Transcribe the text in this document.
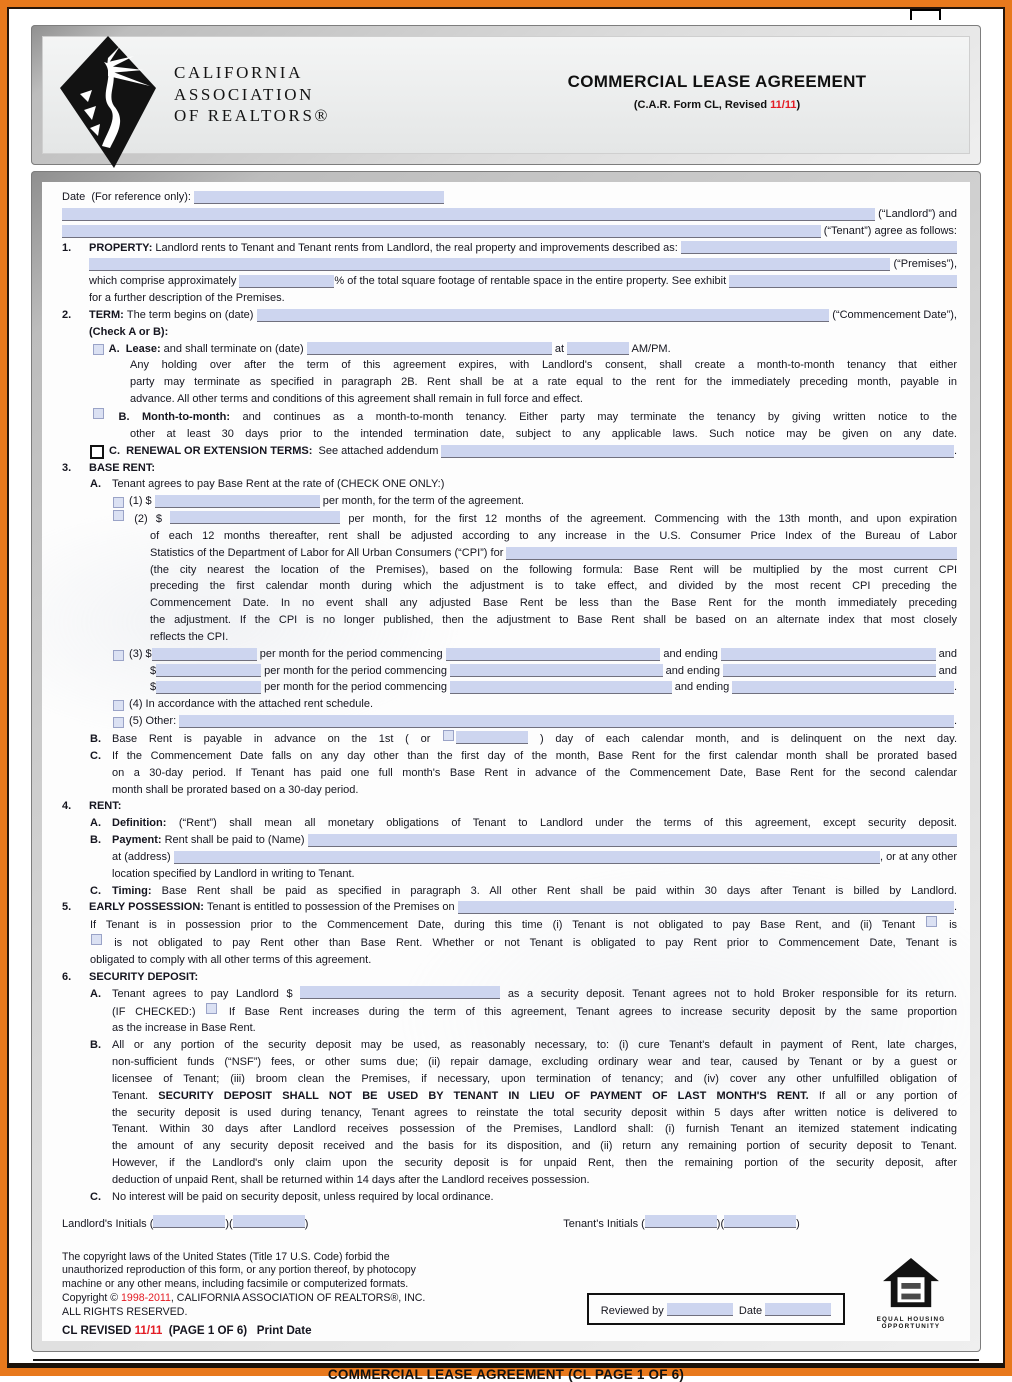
CALIFORNIA
ASSOCIATION
OF REALTORS®
COMMERCIAL LEASE AGREEMENT
(C.A.R. Form CL, Revised 11/11)
Date  (For reference only):
(“Landlord”) and
(“Tenant”) agree as follows:
1.	PROPERTY: Landlord rents to Tenant and Tenant rents from Landlord, the real property and improvements described as:
(“Premises”),
which comprise approximately	% of the total square footage of rentable space in the entire property. See exhibit
for a further description of the Premises.
2.	TERM: The term begins on (date)	(“Commencement Date”),
(Check A or B):
A.  Lease: and shall terminate on (date)	at	AM/PM.
Any holding over after the term of this agreement expires, with Landlord's consent, shall create a month-to-month tenancy that either
party may terminate as specified in paragraph 2B. Rent shall be at a rate equal to the rent for the immediately preceding month, payable in
advance. All other terms and conditions of this agreement shall remain in full force and effect.
B. Month-to-month: and continues as a month-to-month tenancy. Either party may terminate the tenancy by giving written notice to the
other at least 30 days prior to the intended termination date, subject to any applicable laws. Such notice may be given on any date.
C.  RENEWAL OR EXTENSION TERMS: See attached addendum	.
3.	BASE RENT:
A.	Tenant agrees to pay Base Rent at the rate of (CHECK ONE ONLY:)
(1) $	per month, for the term of the agreement.
(2) $	per month, for the first 12 months of the agreement. Commencing with the 13th month, and upon expiration
of each 12 months thereafter, rent shall be adjusted according to any increase in the U.S. Consumer Price Index of the Bureau of Labor
Statistics of the Department of Labor for All Urban Consumers (“CPI”) for
(the city nearest the location of the Premises), based on the following formula: Base Rent will be multiplied by the most current CPI
preceding the first calendar month during which the adjustment is to take effect, and divided by the most recent CPI preceding the
Commencement Date. In no event shall any adjusted Base Rent be less than the Base Rent for the month immediately preceding
the adjustment. If the CPI is no longer published, then the adjustment to Base Rent shall be based on an alternate index that most closely
reflects the CPI.
(3) $	per month for the period commencing	and ending	and
$	per month for the period commencing	and ending	and
$	per month for the period commencing	and ending	.
(4) In accordance with the attached rent schedule.
(5) Other:	.
B. Base Rent is payable in advance on the 1st ( or	) day of each calendar month, and is delinquent on the next day.
C. If the Commencement Date falls on any day other than the first day of the month, Base Rent for the first calendar month shall be prorated based
on a 30-day period. If Tenant has paid one full month's Base Rent in advance of the Commencement Date, Base Rent for the second calendar
month shall be prorated based on a 30-day period.
4.	RENT:
A. Definition: (“Rent”) shall mean all monetary obligations of Tenant to Landlord under the terms of this agreement, except security deposit.
B.	Payment: Rent shall be paid to (Name)
at (address)	, or at any other
location specified by Landlord in writing to Tenant.
C. Timing: Base Rent shall be paid as specified in paragraph 3. All other Rent shall be paid within 30 days after Tenant is billed by Landlord.
5.	EARLY POSSESSION: Tenant is entitled to possession of the Premises on	.
If Tenant is in possession prior to the Commencement Date, during this time (i) Tenant is not obligated to pay Base Rent, and (ii) Tenant  is
is not obligated to pay Rent other than Base Rent. Whether or not Tenant is obligated to pay Rent prior to Commencement Date, Tenant is
obligated to comply with all other terms of this agreement.
6.	SECURITY DEPOSIT:
A. Tenant agrees to pay Landlord $	as a security deposit. Tenant agrees not to hold Broker responsible for its return.
(IF CHECKED:)  If Base Rent increases during the term of this agreement, Tenant agrees to increase security deposit by the same proportion
as the increase in Base Rent.
B. All or any portion of the security deposit may be used, as reasonably necessary, to: (i) cure Tenant's default in payment of Rent, late charges,
non-sufficient funds (“NSF”) fees, or other sums due; (ii) repair damage, excluding ordinary wear and tear, caused by Tenant or by a guest or
licensee of Tenant; (iii) broom clean the Premises, if necessary, upon termination of tenancy; and (iv) cover any other unfulfilled obligation of
Tenant. SECURITY DEPOSIT SHALL NOT BE USED BY TENANT IN LIEU OF PAYMENT OF LAST MONTH'S RENT. If all or any portion of
the security deposit is used during tenancy, Tenant agrees to reinstate the total security deposit within 5 days after written notice is delivered to
Tenant. Within 30 days after Landlord receives possession of the Premises, Landlord shall: (i) furnish Tenant an itemized statement indicating
the amount of any security deposit received and the basis for its disposition, and (ii) return any remaining portion of security deposit to Tenant.
However, if the Landlord's only claim upon the security deposit is for unpaid Rent, then the remaining portion of the security deposit, after
deduction of unpaid Rent, shall be returned within 14 days after the Landlord receives possession.
C.	No interest will be paid on security deposit, unless required by local ordinance.
Landlord's Initials (	)(	)	Tenant's Initials (	)(	)
The copyright laws of the United States (Title 17 U.S. Code) forbid the
unauthorized reproduction of this form, or any portion thereof, by photocopy
machine or any other means, including facsimile or computerized formats.
Copyright © 1998-2011, CALIFORNIA ASSOCIATION OF REALTORS®, INC.
ALL RIGHTS RESERVED.
CL REVISED 11/11  (PAGE 1 OF 6)   Print Date
Reviewed by	Date
EQUAL HOUSING
OPPORTUNITY
COMMERCIAL LEASE AGREEMENT (CL PAGE 1 OF 6)
